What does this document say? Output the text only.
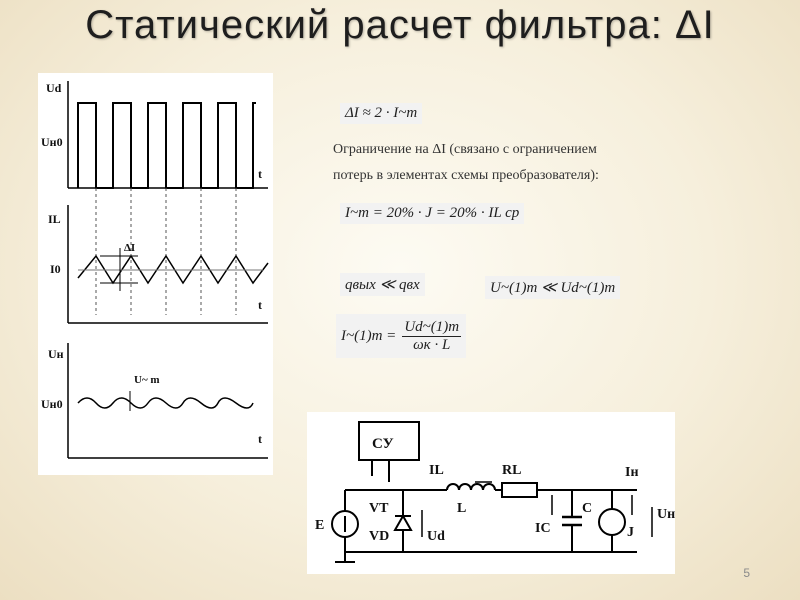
Статический расчет фильтра: ΔI
Ud
Uн0
t
IL
I0
t
ΔI
Uн
Uн0
t
U~ m
ΔI ≈ 2 · I~m
Ограничение на ΔI (связано с ограничением
потерь в элементах схемы преобразователя):
I~m = 20% · J = 20% · IL ср
qвых ≪ qвх	U~(1)m ≪ Ud~(1)m
I~(1)m =
Ud~(1)m
ωк · L
СУ
IL	RL	Iн
VT
VD
E
Ud
L
IC
C
J
Uн
5
